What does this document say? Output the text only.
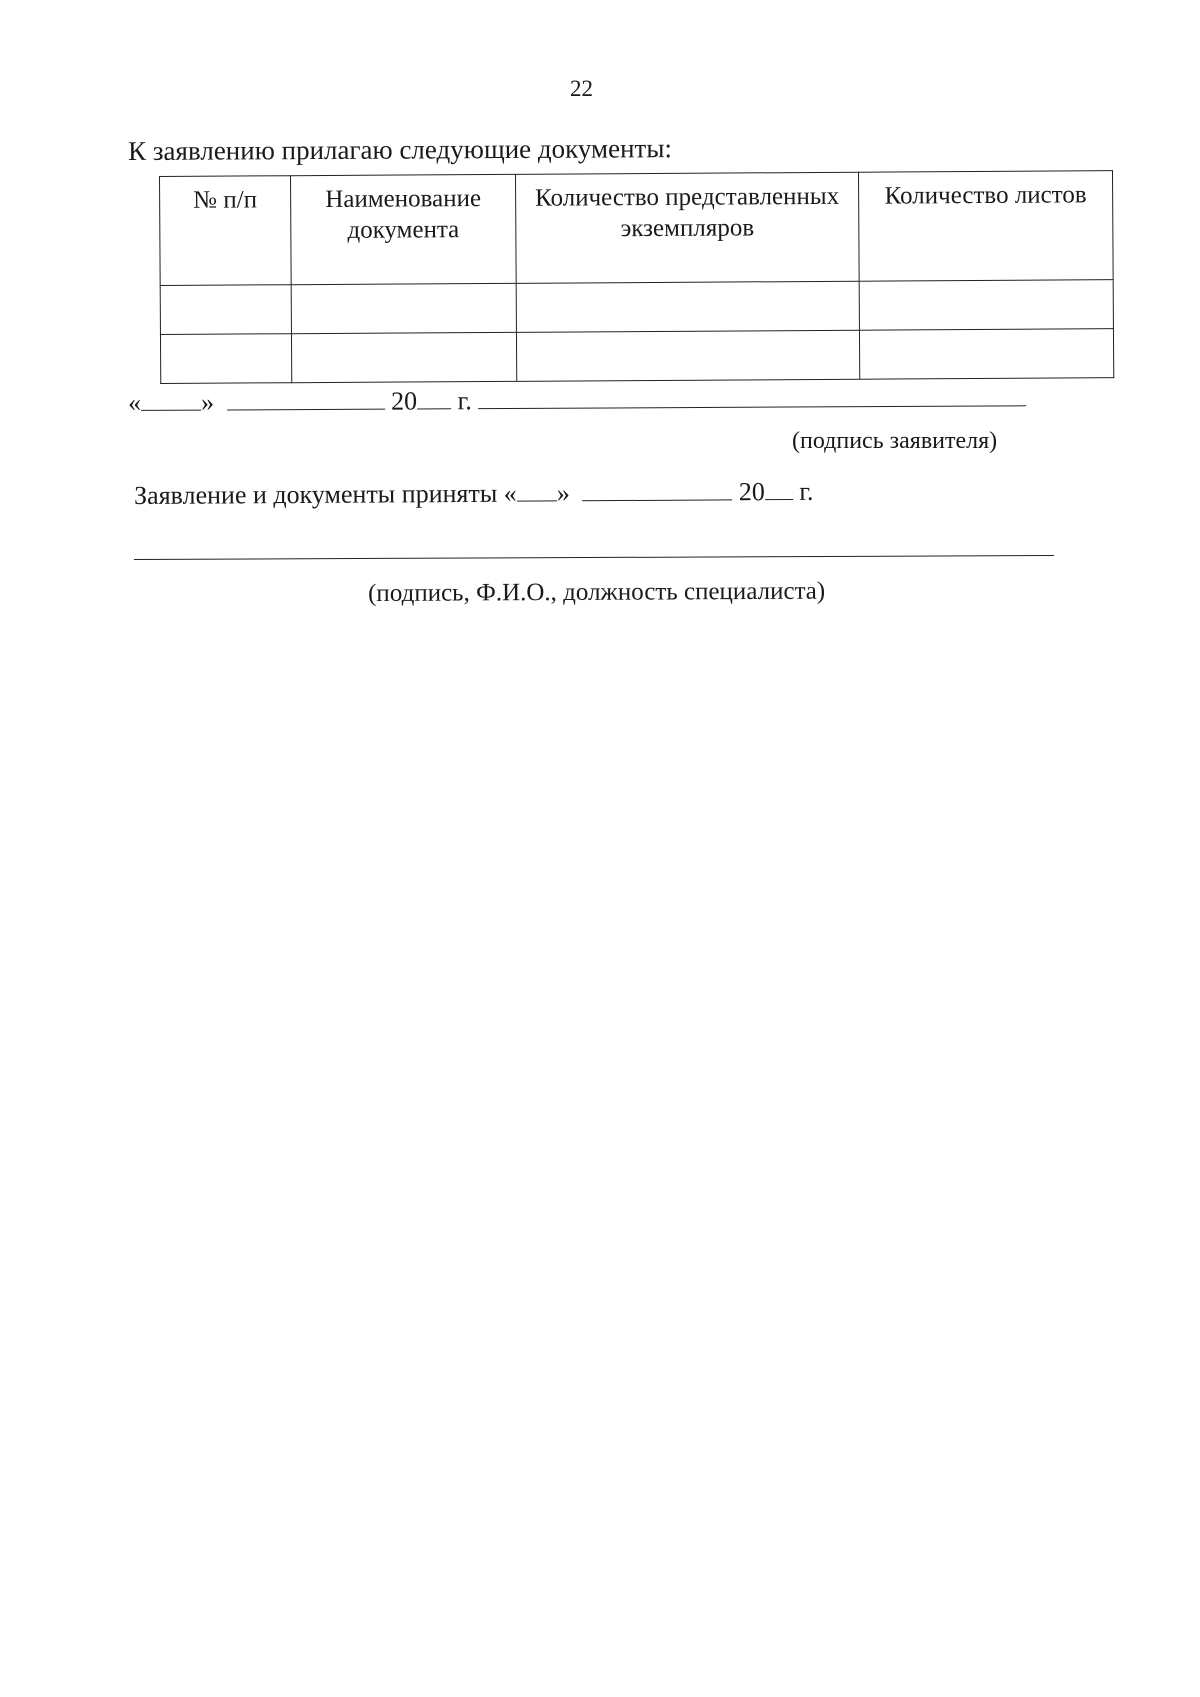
22
К заявлению прилагаю следующие документы:
№ п/п	Наименование документа	Количество представленных экземпляров	Количество листов

« »	20 г.
(подпись заявителя)
Заявление и документы приняты « »	20 г.
(подпись, Ф.И.О., должность специалиста)
